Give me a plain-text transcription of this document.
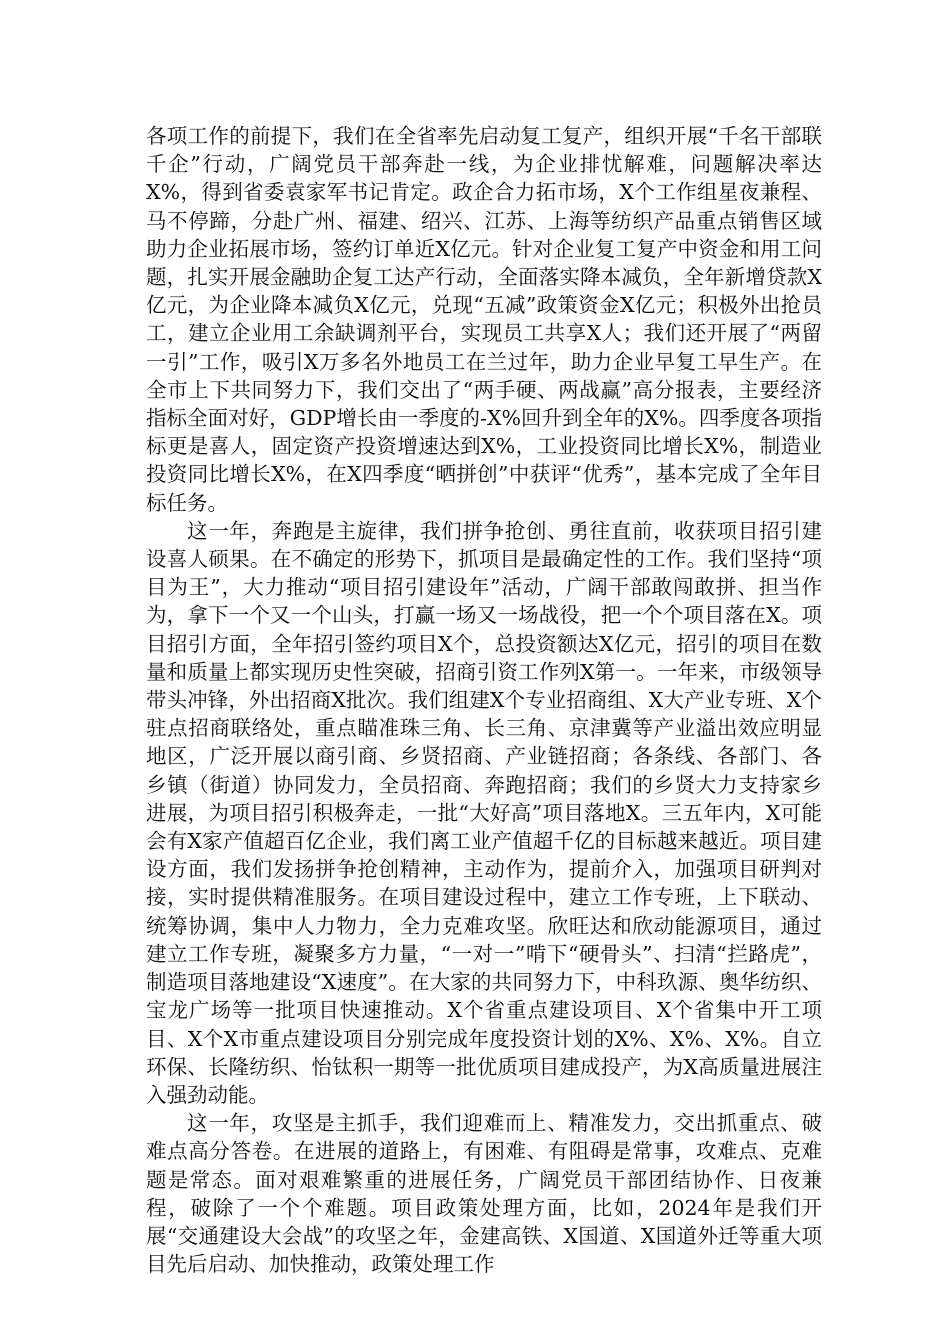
各项工作的前提下，我们在全省率先启动复工复产，组织开展“千名干部联千企”行动，广阔党员干部奔赴一线，为企业排忧解难，问题解决率达X%，得到省委袁家军书记肯定。政企合力拓市场，X个工作组星夜兼程、马不停蹄，分赴广州、福建、绍兴、江苏、上海等纺织产品重点销售区域助力企业拓展市场，签约订单近X亿元。针对企业复工复产中资金和用工问题，扎实开展金融助企复工达产行动，全面落实降本减负，全年新增贷款X亿元，为企业降本减负X亿元，兑现“五减”政策资金X亿元；积极外出抢员工，建立企业用工余缺调剂平台，实现员工共享X人；我们还开展了“两留一引”工作，吸引X万多名外地员工在兰过年，助力企业早复工早生产。在全市上下共同努力下，我们交出了“两手硬、两战赢”高分报表，主要经济指标全面对好，GDP增长由一季度的-X%回升到全年的X%。四季度各项指标更是喜人，固定资产投资增速达到X%，工业投资同比增长X%，制造业投资同比增长X%，在X四季度“晒拼创”中获评“优秀”，基本完成了全年目标任务。

这一年，奔跑是主旋律，我们拼争抢创、勇往直前，收获项目招引建设喜人硕果。在不确定的形势下，抓项目是最确定性的工作。我们坚持“项目为王”，大力推动“项目招引建设年”活动，广阔干部敢闯敢拼、担当作为，拿下一个又一个山头，打赢一场又一场战役，把一个个项目落在X。项目招引方面，全年招引签约项目X个，总投资额达X亿元，招引的项目在数量和质量上都实现历史性突破，招商引资工作列X第一。一年来，市级领导带头冲锋，外出招商X批次。我们组建X个专业招商组、X大产业专班、X个驻点招商联络处，重点瞄准珠三角、长三角、京津冀等产业溢出效应明显地区，广泛开展以商引商、乡贤招商、产业链招商；各条线、各部门、各乡镇（街道）协同发力，全员招商、奔跑招商；我们的乡贤大力支持家乡进展，为项目招引积极奔走，一批“大好高”项目落地X。三五年内，X可能会有X家产值超百亿企业，我们离工业产值超千亿的目标越来越近。项目建设方面，我们发扬拼争抢创精神，主动作为，提前介入，加强项目研判对接，实时提供精准服务。在项目建设过程中，建立工作专班，上下联动、统筹协调，集中人力物力，全力克难攻坚。欣旺达和欣动能源项目，通过建立工作专班，凝聚多方力量，“一对一”啃下“硬骨头”、扫清“拦路虎”，制造项目落地建设“X速度”。在大家的共同努力下，中科玖源、奥华纺织、宝龙广场等一批项目快速推动。X个省重点建设项目、X个省集中开工项目、X个X市重点建设项目分别完成年度投资计划的X%、X%、X%。自立环保、长隆纺织、怡钛积一期等一批优质项目建成投产，为X高质量进展注入强劲动能。

这一年，攻坚是主抓手，我们迎难而上、精准发力，交出抓重点、破难点高分答卷。在进展的道路上，有困难、有阻碍是常事，攻难点、克难题是常态。面对艰难繁重的进展任务，广阔党员干部团结协作、日夜兼程，破除了一个个难题。项目政策处理方面，比如，2024年是我们开展“交通建设大会战”的攻坚之年，金建高铁、X国道、X国道外迁等重大项目先后启动、加快推动，政策处理工作
